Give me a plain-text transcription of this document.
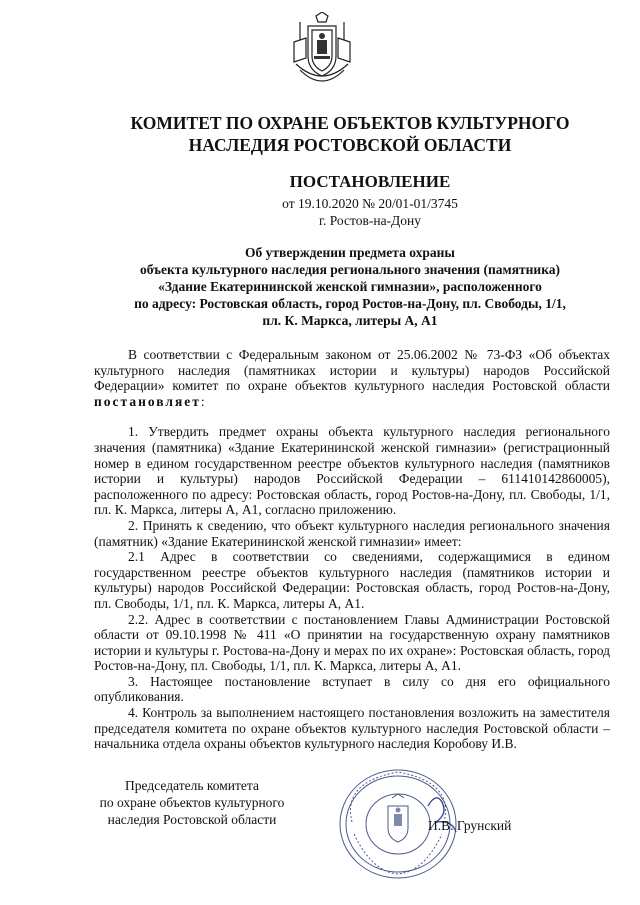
КОМИТЕТ ПО ОХРАНЕ ОБЪЕКТОВ КУЛЬТУРНОГО
НАСЛЕДИЯ РОСТОВСКОЙ ОБЛАСТИ
ПОСТАНОВЛЕНИЕ
от 19.10.2020 № 20/01-01/3745
г. Ростов-на-Дону
Об утверждении предмета охраны
объекта культурного наследия регионального значения (памятника)
«Здание Екатерининской женской гимназии», расположенного
по адресу: Ростовская область, город Ростов-на-Дону, пл. Свободы, 1/1,
пл. К. Маркса, литеры А, А1

В соответствии с Федеральным законом от 25.06.2002 № 73-ФЗ «Об объектах культурного наследия (памятниках истории и культуры) народов Российской Федерации» комитет по охране объектов культурного наследия Ростовской области постановляет:

1. Утвердить предмет охраны объекта культурного наследия регионального значения (памятника) «Здание Екатерининской женской гимназии» (регистрационный номер в едином государственном реестре объектов культурного наследия (памятников истории и культуры) народов Российской Федерации – 611410142860005), расположенного по адресу: Ростовская область, город Ростов-на-Дону, пл. Свободы, 1/1, пл. К. Маркса, литеры А, А1, согласно приложению.

2. Принять к сведению, что объект культурного наследия регионального значения (памятник) «Здание Екатерининской женской гимназии» имеет:

2.1 Адрес в соответствии со сведениями, содержащимися в едином государственном реестре объектов культурного наследия (памятников истории и культуры) народов Российской Федерации: Ростовская область, город Ростов-на-Дону, пл. Свободы, 1/1, пл. К. Маркса, литеры А, А1.

2.2. Адрес в соответствии с постановлением Главы Администрации Ростовской области от 09.10.1998 № 411 «О принятии на государственную охрану памятников истории и культуры г. Ростова-на-Дону и мерах по их охране»: Ростовская область, город Ростов-на-Дону, пл. Свободы, 1/1, пл. К. Маркса, литеры А, А1.

3. Настоящее постановление вступает в силу со дня его официального опубликования.

4. Контроль за выполнением настоящего постановления возложить на заместителя председателя комитета по охране объектов культурного наследия Ростовской области – начальника отдела охраны объектов культурного наследия Коробову И.В.

Председатель комитета
по охране объектов культурного
наследия Ростовской области	И.В. Грунский
